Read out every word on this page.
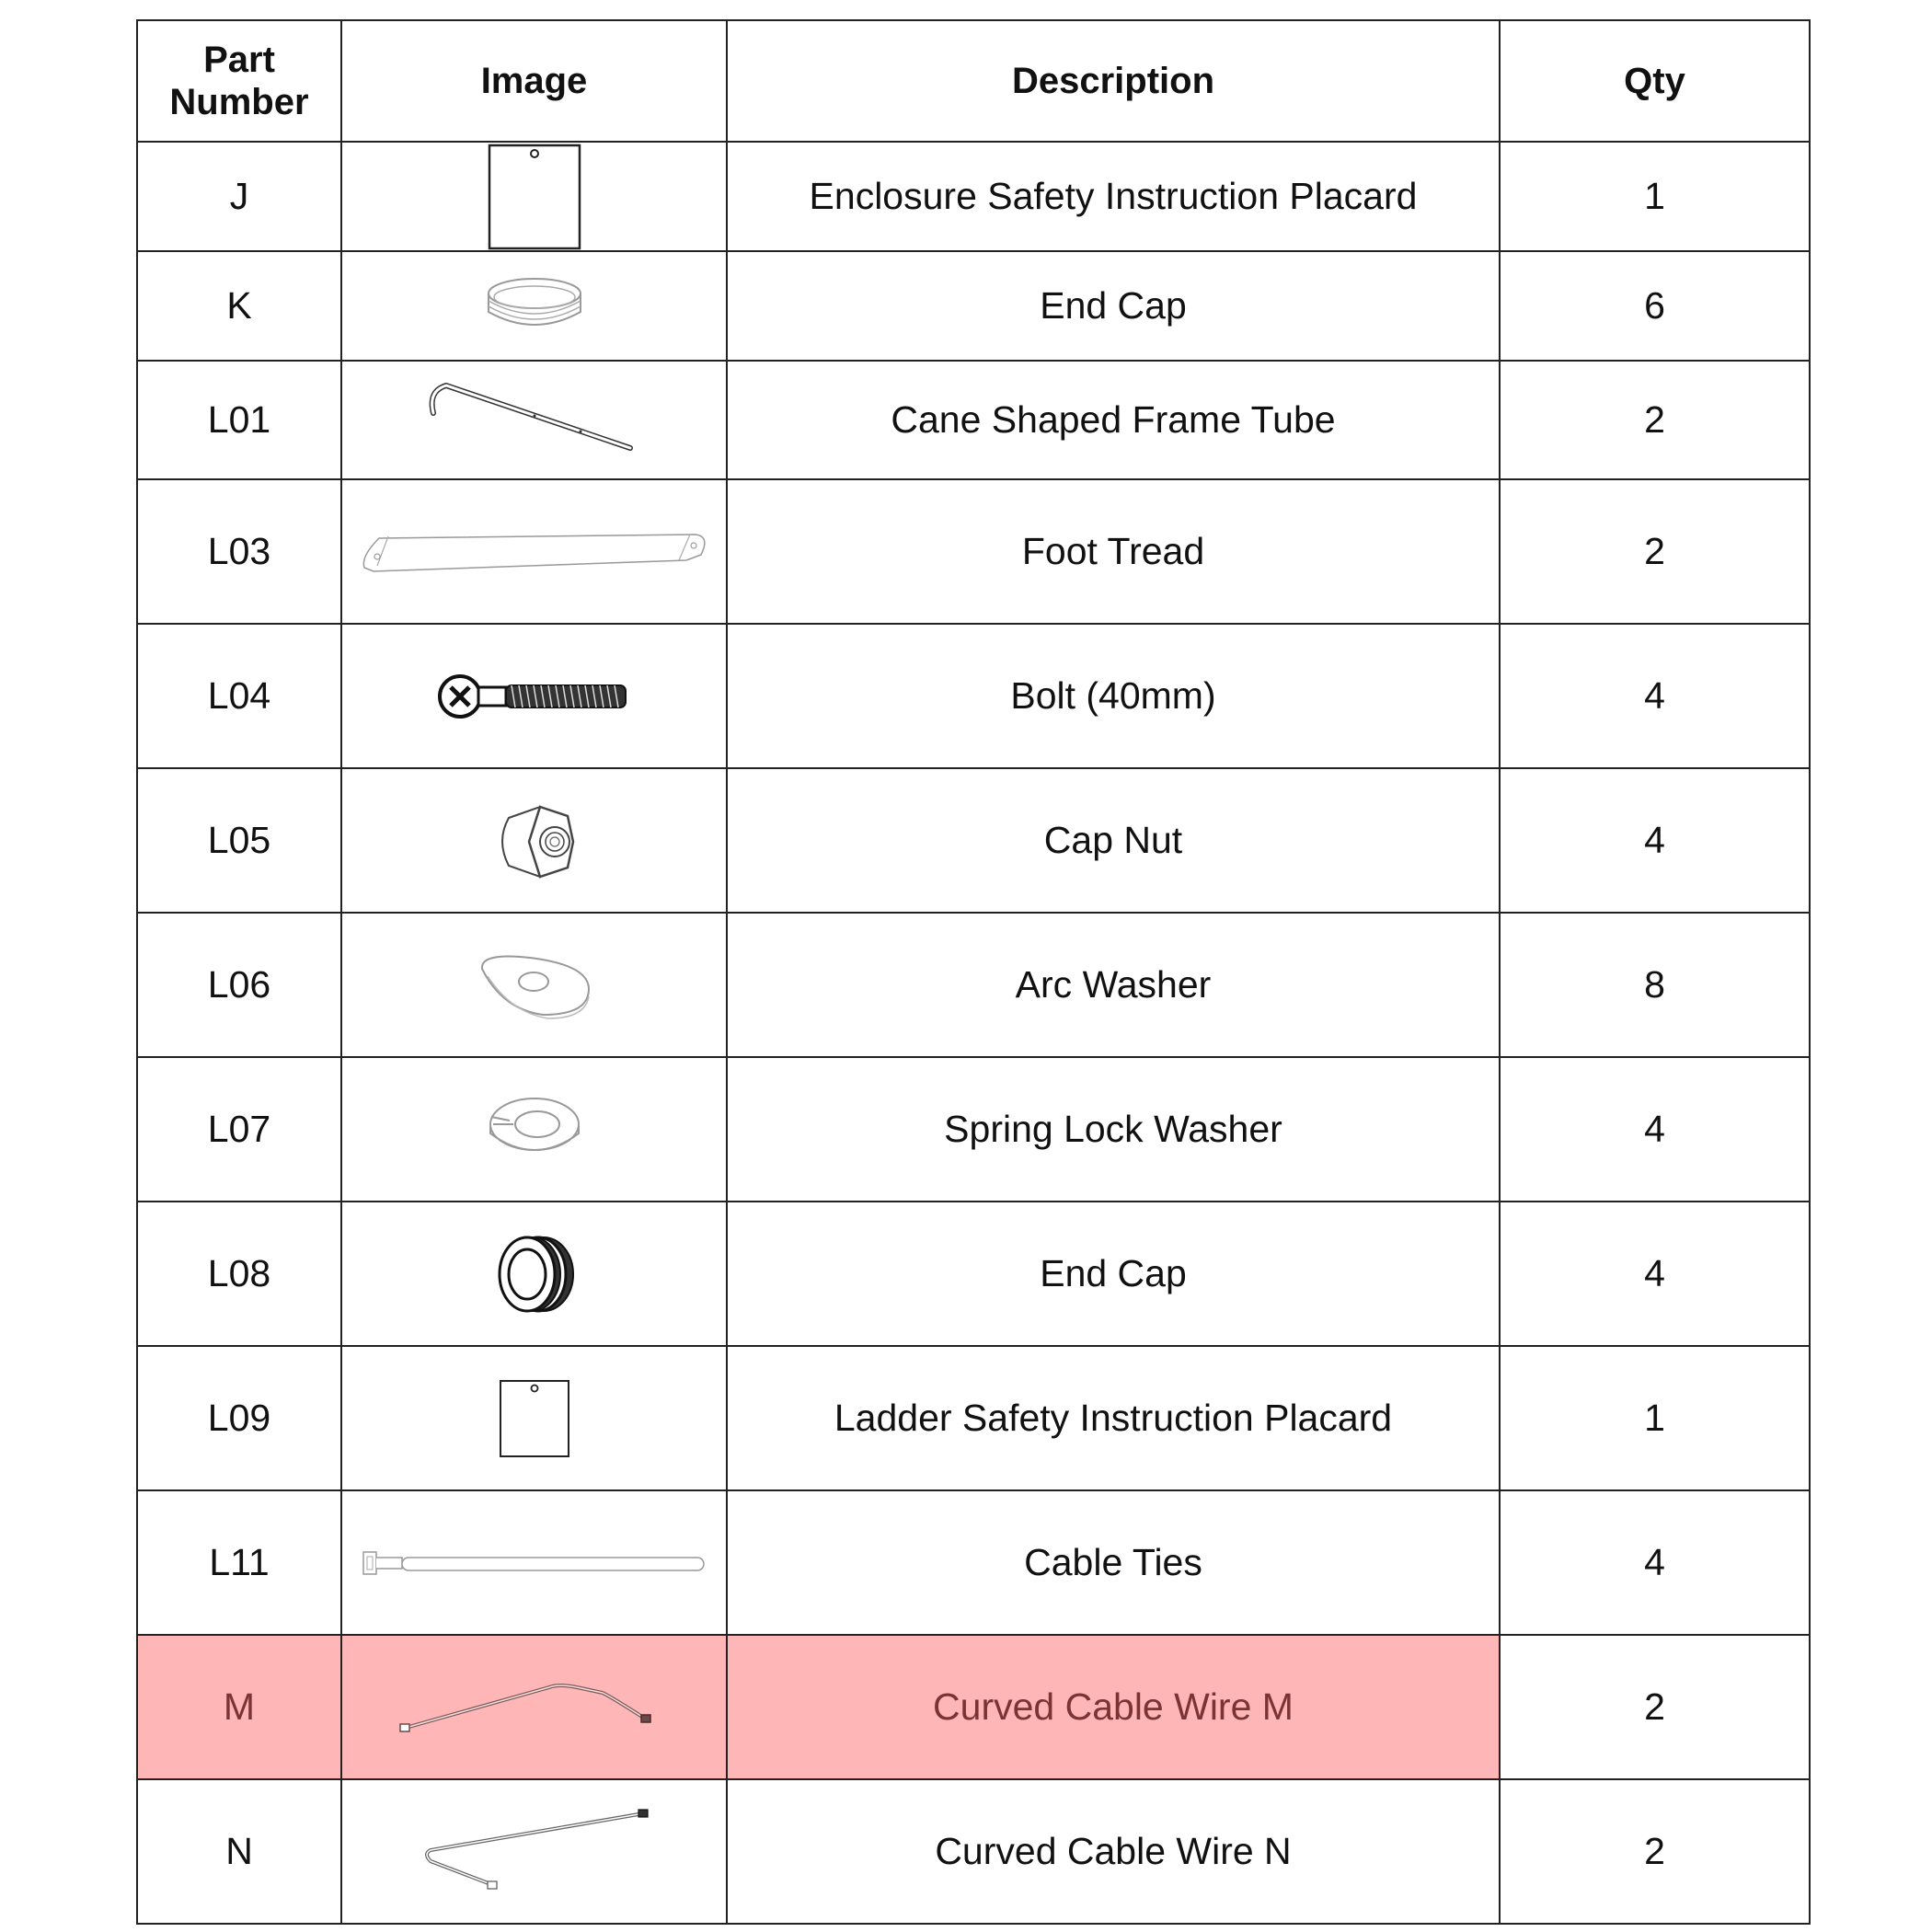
Part
Number	Image	Description	Qty
J		Enclosure Safety Instruction Placard	1
K		End Cap	6
L01		Cane Shaped Frame Tube	2
L03		Foot Tread	2
L04		Bolt (40mm)	4
L05		Cap Nut	4
L06		Arc Washer	8
L07		Spring Lock Washer	4
L08		End Cap	4
L09		Ladder Safety Instruction Placard	1
L11		Cable Ties	4
M		Curved Cable Wire M	2
N		Curved Cable Wire N	2
